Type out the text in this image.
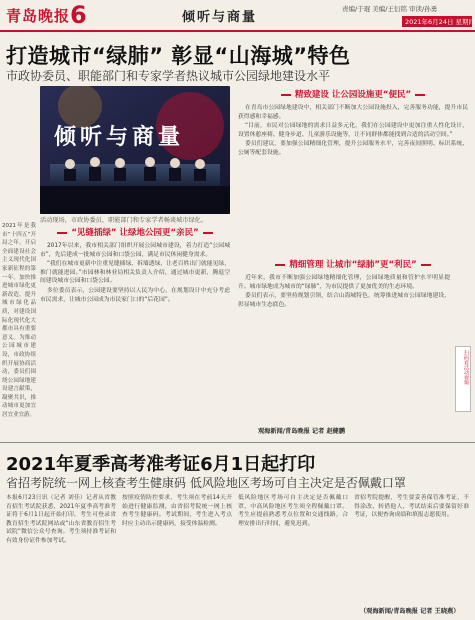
青岛晚报 6	倾听与商量
责编/于琨 美编/王衍铭 审读/孙勇
2021年6月24日 星期四
打造城市“绿肺” 彰显“山海城”特色
市政协委员、职能部门和专家学者热议城市公园绿地建设水平
倾听与商量
活动现场，市政协委员，职能部门和专家学者畅谈城市绿化。
2021年是我市“十四五”开局之年，开启全面建设社会主义现代化国家新征程的第一年。加快推进城市绿化更新改造，提升城市绿化品质，对建设国际化现代化大都市具有重要意义。为推动公园城市建设，市政协组织开展协商活动，委员们围绕公园绿地建设建言献策，凝聚共识，推动城市更加宜居宜业宜游。
“见缝插绿” 让绿地公园更“亲民”

2017年以来，我市相关部门组织开展公园城市建设，着力打造“公园城市”，先后建成一批城市公园和口袋公园，满足市民休闲健身需求。

“我们在城市更新中注重见缝插绿、拆墙透绿，让老百姓出门就能见绿，推门就能进园。”市园林和林业局相关负责人介绍，通过城市更新，腾退空间建设城市公园和口袋公园。

多位委员表示，公园建设要坚持以人民为中心，在规划设计中充分考虑市民需求，让城市公园成为市民家门口的“后花园”。

精致建设 让公园设施更“便民”

在青岛市公园绿地建设中，相关部门不断加大公园设施投入，完善服务功能，提升市民获得感和幸福感。

“目前，市民对公园绿地的需求日益多元化，我们在公园建设中更加注重人性化设计，设置休憩座椅、健身步道、儿童游乐设施等，让不同群体都能找到合适的活动空间。”

委员们建议，要加强公园精细化管理，提升公园服务水平，完善夜间照明、标识系统、公厕等配套设施。

精细管理 让城市“绿肺”更“利民”

近年来，我市不断加强公园绿地精细化管理，公园绿地质量和管护水平明显提升。城市绿地成为城市的“绿肺”，为市民提供了更加优美的生态环境。

委员们表示，要坚持规划引领，结合山海城特色，统筹推进城市公园绿地建设，彰显城市生态底色。

观海新闻/青岛晚报 记者 赵健鹏
扫码看活动视频
2021年夏季高考准考证6月1日起打印
省招考院统一网上核查考生健康码 低风险地区考场可自主决定是否佩戴口罩
本报6月23日讯（记者 刘佳）记者从省教育招生考试院获悉，2021年夏季高考准考证将于6月1日起开始打印，考生可登录省教育招生考试院网站或“山东省教育招生考试院”微信公众号查询。考生须持准考证和有效身份证件参加考试。
按照疫情防控要求，考生须在考前14天开始进行健康监测，由省招考院统一网上核查考生健康码。考试期间，考生进入考点时应主动出示健康码，接受体温检测。
低风险地区考场可自主决定是否佩戴口罩，中高风险地区考生须全程佩戴口罩。考生应提前熟悉考点位置和交通线路，合理安排出行时间，避免迟到。
省招考院提醒，考生要妥善保管准考证，不得涂改、转借他人，考试结束后要保留好准考证，以便查询成绩和填报志愿使用。
（观海新闻/青岛晚报 记者 王晓燕）
